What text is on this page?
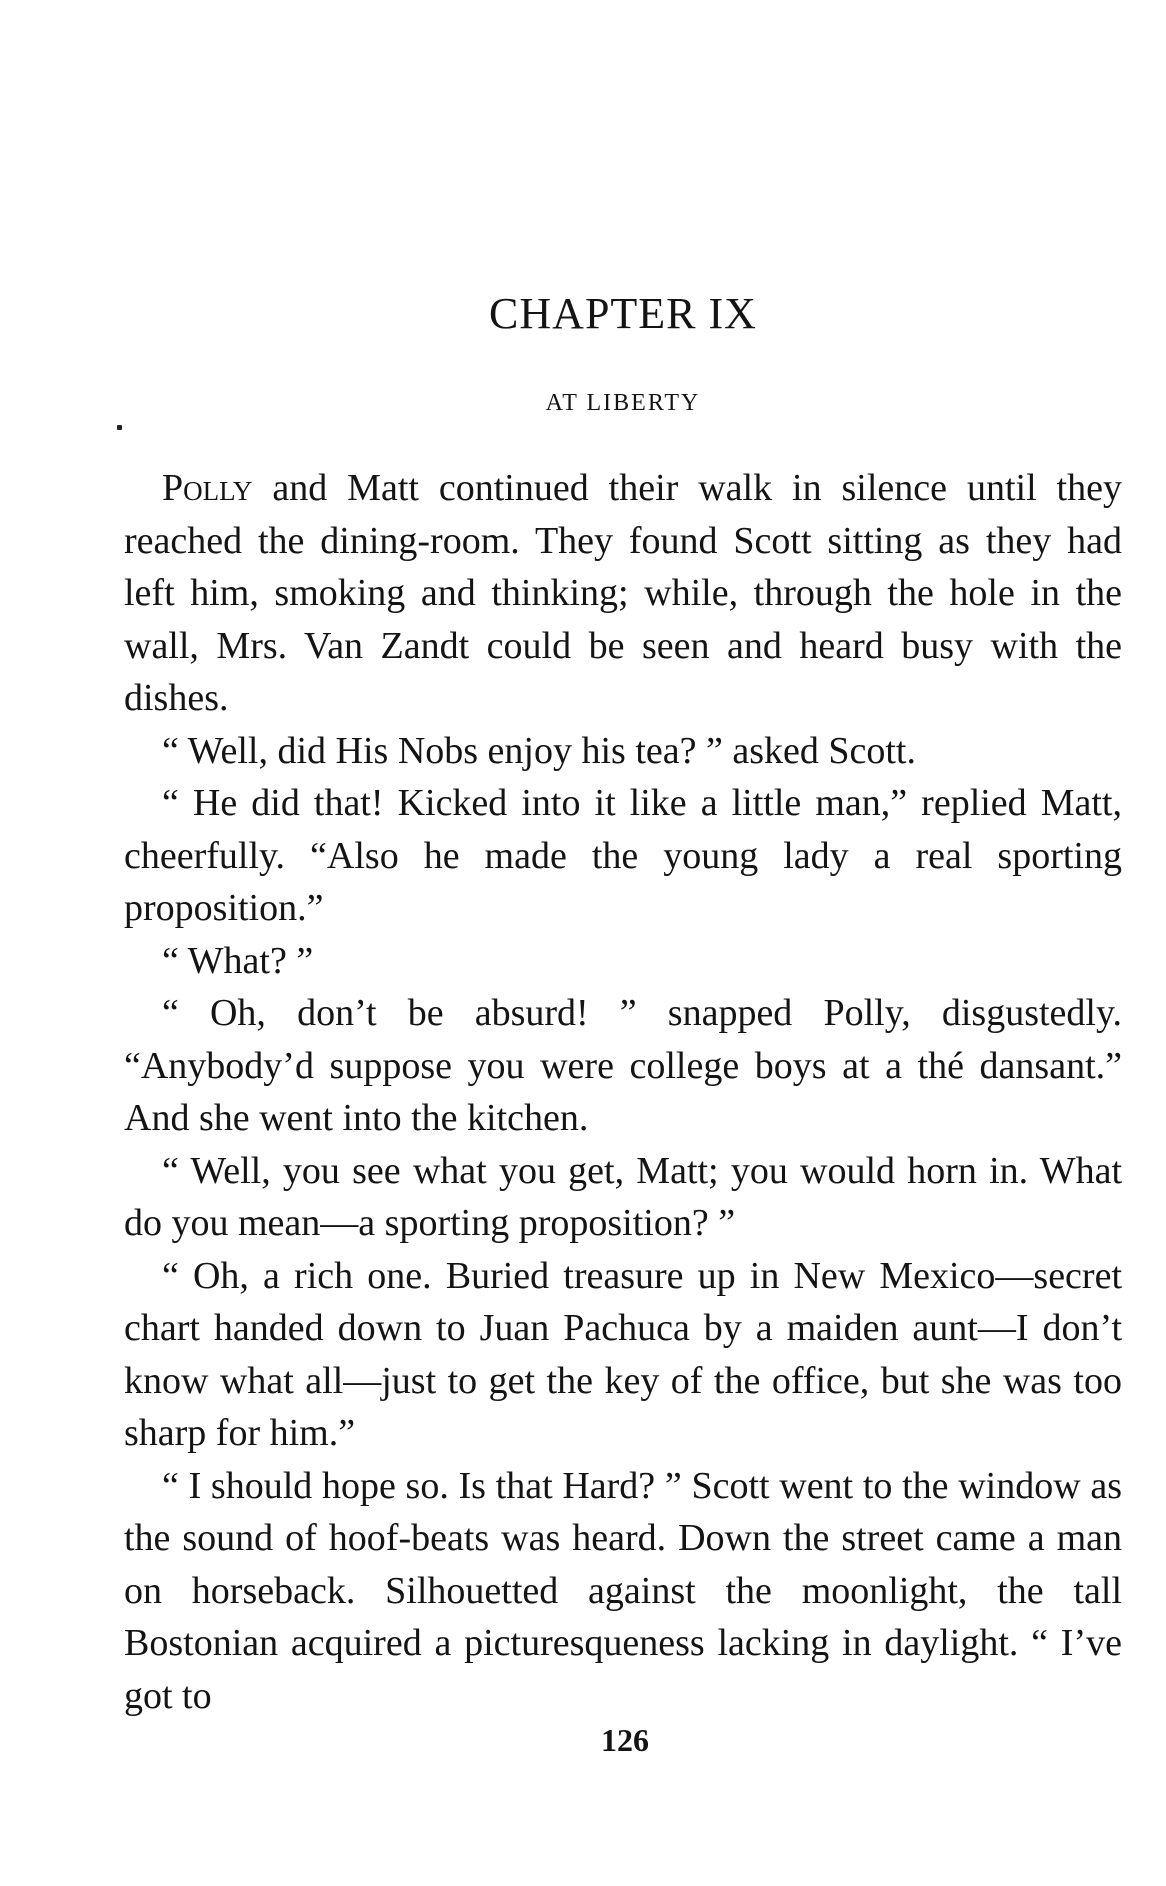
CHAPTER IX
AT LIBERTY

Polly and Matt continued their walk in silence until they reached the dining-room. They found Scott sitting as they had left him, smoking and thinking; while, through the hole in the wall, Mrs. Van Zandt could be seen and heard busy with the dishes.

“ Well, did His Nobs enjoy his tea? ” asked Scott.

“ He did that! Kicked into it like a little man,” replied Matt, cheerfully. “Also he made the young lady a real sporting proposition.”

“ What? ”

“ Oh, don’t be absurd! ” snapped Polly, disgustedly. “Anybody’d suppose you were college boys at a thé dansant.” And she went into the kitchen.

“ Well, you see what you get, Matt; you would horn in. What do you mean—a sporting proposition? ”

“ Oh, a rich one. Buried treasure up in New Mexico—secret chart handed down to Juan Pachuca by a maiden aunt—I don’t know what all—just to get the key of the office, but she was too sharp for him.”

“ I should hope so. Is that Hard? ” Scott went to the window as the sound of hoof-beats was heard. Down the street came a man on horseback. Silhouetted against the moonlight, the tall Bostonian acquired a picturesqueness lacking in daylight. “ I’ve got to

126
